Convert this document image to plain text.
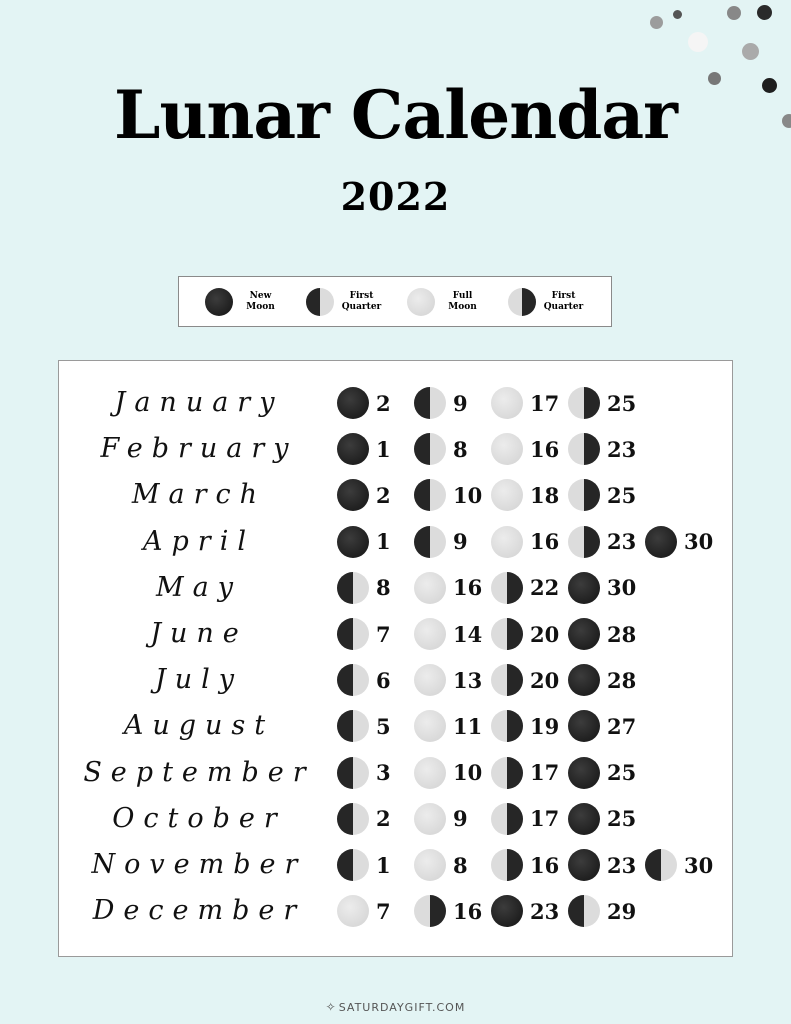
Lunar Calendar
2022
New Moon
First Quarter
Full Moon
First Quarter
January	2	9	17 25
February	1	8	16 23
March	2	10 18 25
April	1	9	16 23 30
May	8	16 22 30
June	7	14 20 28
July	6	13 20 28
August	5	11 19 27
September	3	10 17 25
October	2	9	17 25
November	1	8	16 23 30
December	7	16 23 29
✧ SATURDAYGIFT.COM
